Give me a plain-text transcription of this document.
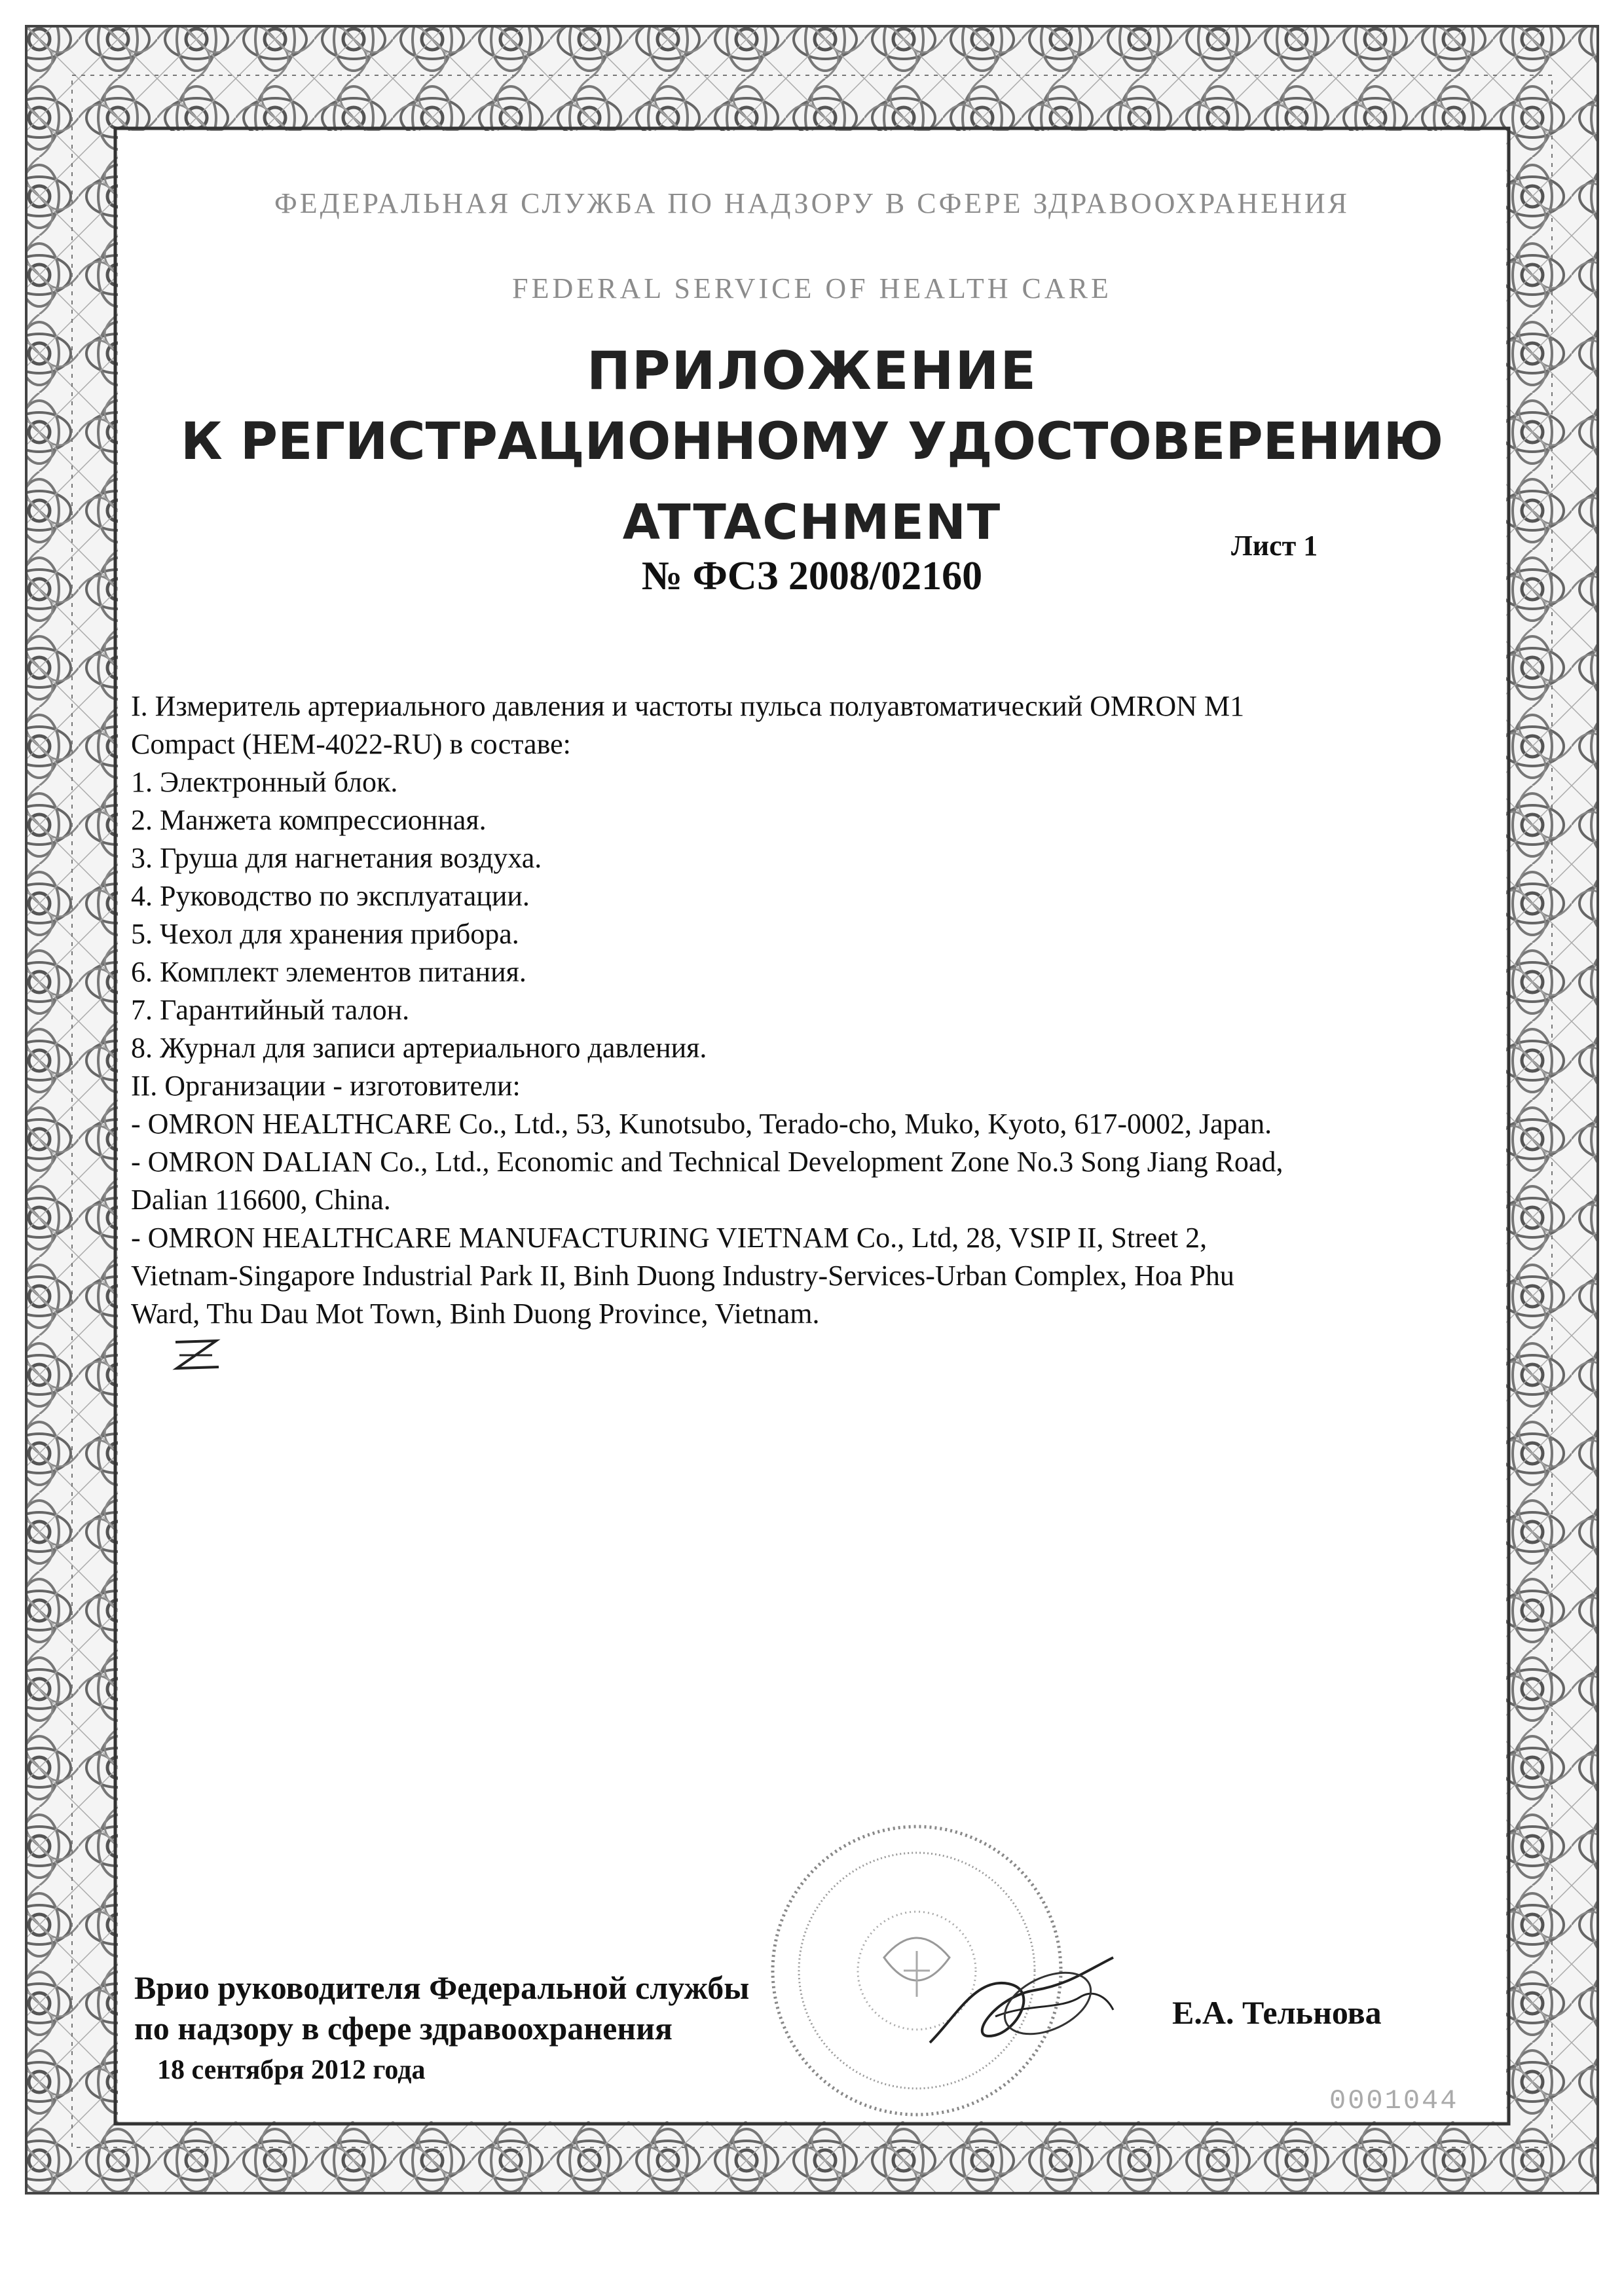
ФЕДЕРАЛЬНАЯ СЛУЖБА ПО НАДЗОРУ В СФЕРЕ ЗДРАВООХРАНЕНИЯ
FEDERAL SERVICE OF HEALTH CARE
ПРИЛОЖЕНИЕ
К РЕГИСТРАЦИОННОМУ УДОСТОВЕРЕНИЮ
ATTACHMENT	Лист 1
№ ФСЗ 2008/02160
I. Измеритель артериального давления и частоты пульса полуавтоматический OMRON M1
Compact (HEM-4022-RU) в составе:
1. Электронный блок.
2. Манжета компрессионная.
3. Груша для нагнетания воздуха.
4. Руководство по эксплуатации.
5. Чехол для хранения прибора.
6. Комплект элементов питания.
7. Гарантийный талон.
8. Журнал для записи артериального давления.
II. Организации - изготовители:
- OMRON HEALTHCARE Co., Ltd., 53, Kunotsubo, Terado-cho, Muko, Kyoto, 617-0002, Japan.
- OMRON DALIAN Co., Ltd., Economic and Technical Development Zone No.3 Song Jiang Road,
Dalian 116600, China.
- OMRON HEALTHCARE MANUFACTURING VIETNAM Co., Ltd, 28, VSIP II, Street 2,
Vietnam-Singapore Industrial Park II, Binh Duong Industry-Services-Urban Complex, Hoa Phu
Ward, Thu Dau Mot Town, Binh Duong Province, Vietnam.
Врио руководителя Федеральной службы
по надзору в сфере здравоохранения
18 сентября 2012 года
Е.А. Тельнова
0001044
